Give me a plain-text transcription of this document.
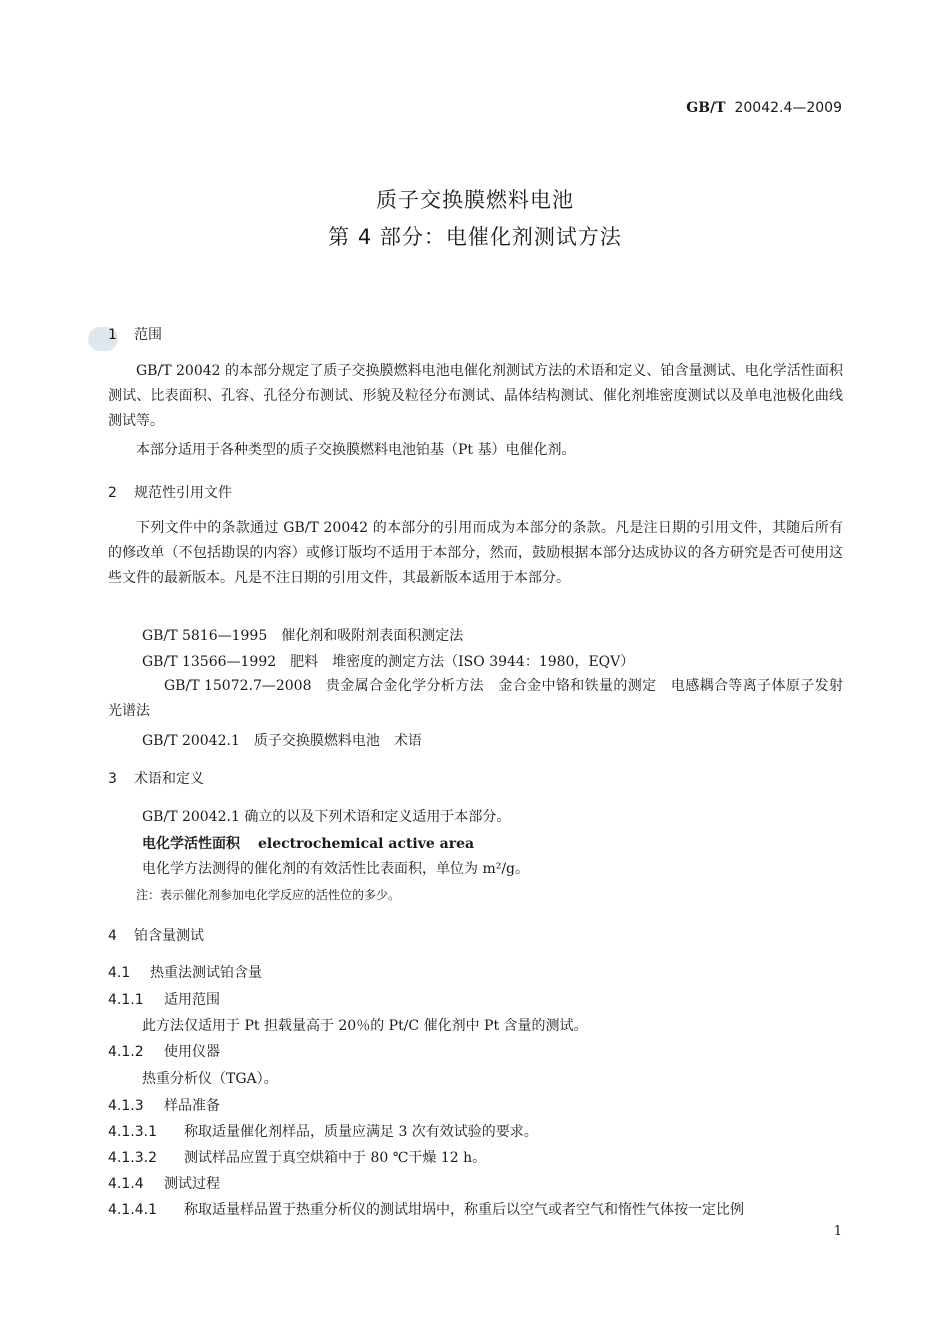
GB/T 20042.4—2009
质子交换膜燃料电池
第 4 部分：电催化剂测试方法
1 范围
GB/T 20042 的本部分规定了质子交换膜燃料电池电催化剂测试方法的术语和定义、铂含量测试、电化学活性面积测试、比表面积、孔容、孔径分布测试、形貌及粒径分布测试、晶体结构测试、催化剂堆密度测试以及单电池极化曲线测试等。
本部分适用于各种类型的质子交换膜燃料电池铂基（Pt 基）电催化剂。
2 规范性引用文件
下列文件中的条款通过 GB/T 20042 的本部分的引用而成为本部分的条款。凡是注日期的引用文件，其随后所有的修改单（不包括勘误的内容）或修订版均不适用于本部分，然而，鼓励根据本部分达成协议的各方研究是否可使用这些文件的最新版本。凡是不注日期的引用文件，其最新版本适用于本部分。
GB/T 5816—1995 催化剂和吸附剂表面积测定法
GB/T 13566—1992 肥料　堆密度的测定方法（ISO 3944：1980，EQV）
GB/T 15072.7—2008 贵金属合金化学分析方法　金合金中铬和铁量的测定　电感耦合等离子体原子发射光谱法
GB/T 20042.1 质子交换膜燃料电池　术语
3 术语和定义
GB/T 20042.1 确立的以及下列术语和定义适用于本部分。
电化学活性面积 electrochemical active area
电化学方法测得的催化剂的有效活性比表面积，单位为 m²/g。
注：表示催化剂参加电化学反应的活性位的多少。
4 铂含量测试
4.1 热重法测试铂含量
4.1.1 适用范围
此方法仅适用于 Pt 担载量高于 20％的 Pt/C 催化剂中 Pt 含量的测试。
4.1.2 使用仪器
热重分析仪（TGA）。
4.1.3 样品准备
4.1.3.1 称取适量催化剂样品，质量应满足 3 次有效试验的要求。
4.1.3.2 测试样品应置于真空烘箱中于 80 ℃干燥 12 h。
4.1.4 测试过程
4.1.4.1 称取适量样品置于热重分析仪的测试坩埚中，称重后以空气或者空气和惰性气体按一定比例
1
